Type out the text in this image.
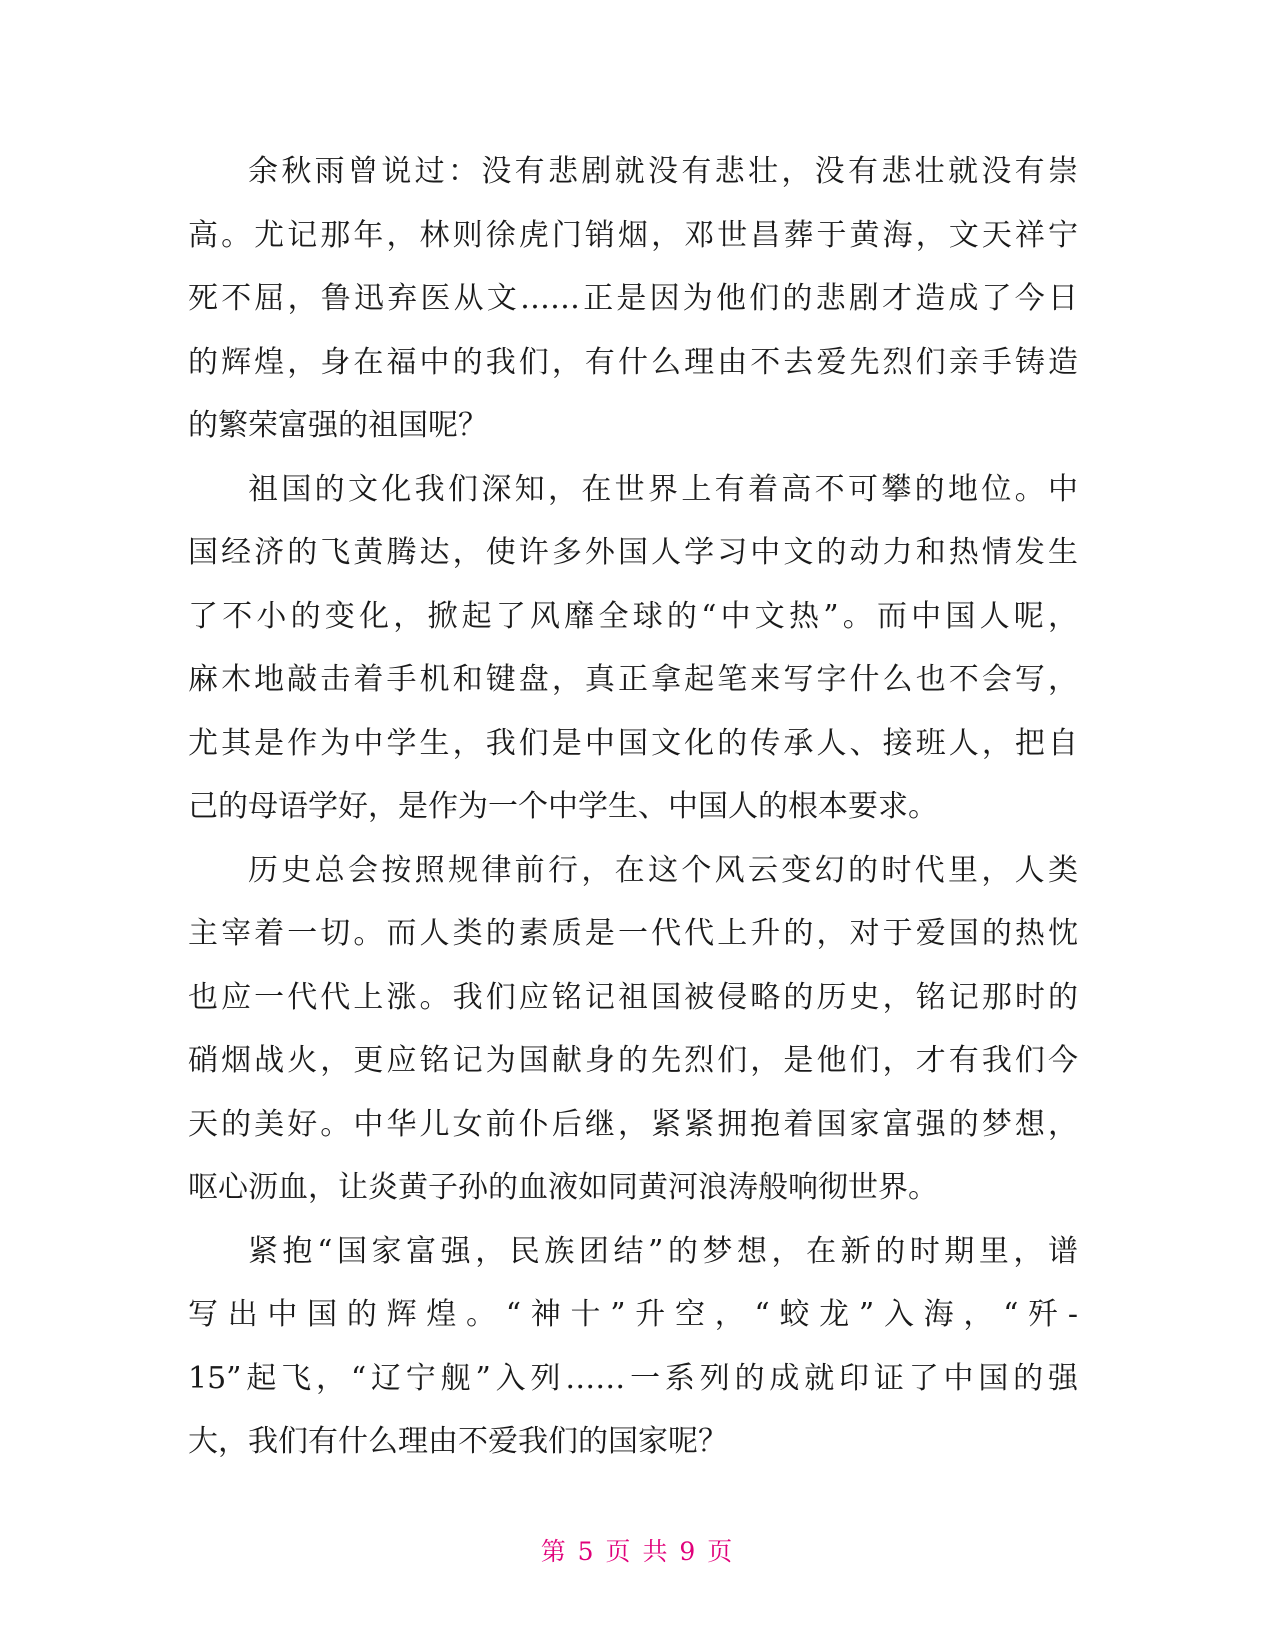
余秋雨曾说过：没有悲剧就没有悲壮，没有悲壮就没有崇
高。尤记那年，林则徐虎门销烟，邓世昌葬于黄海，文天祥宁
死不屈，鲁迅弃医从文……正是因为他们的悲剧才造成了今日
的辉煌，身在福中的我们，有什么理由不去爱先烈们亲手铸造
的繁荣富强的祖国呢？
祖国的文化我们深知，在世界上有着高不可攀的地位。中
国经济的飞黄腾达，使许多外国人学习中文的动力和热情发生
了不小的变化，掀起了风靡全球的“中文热”。而中国人呢，
麻木地敲击着手机和键盘，真正拿起笔来写字什么也不会写，
尤其是作为中学生，我们是中国文化的传承人、接班人，把自
己的母语学好，是作为一个中学生、中国人的根本要求。
历史总会按照规律前行，在这个风云变幻的时代里，人类
主宰着一切。而人类的素质是一代代上升的，对于爱国的热忱
也应一代代上涨。我们应铭记祖国被侵略的历史，铭记那时的
硝烟战火，更应铭记为国献身的先烈们，是他们，才有我们今
天的美好。中华儿女前仆后继，紧紧拥抱着国家富强的梦想，
呕心沥血，让炎黄子孙的血液如同黄河浪涛般响彻世界。
紧抱“国家富强，民族团结”的梦想，在新的时期里，谱
写出中国的辉煌。“神十”升空，“蛟龙”入海，“歼-
15”起飞，“辽宁舰”入列……一系列的成就印证了中国的强
大，我们有什么理由不爱我们的国家呢？
第 5 页 共 9 页
